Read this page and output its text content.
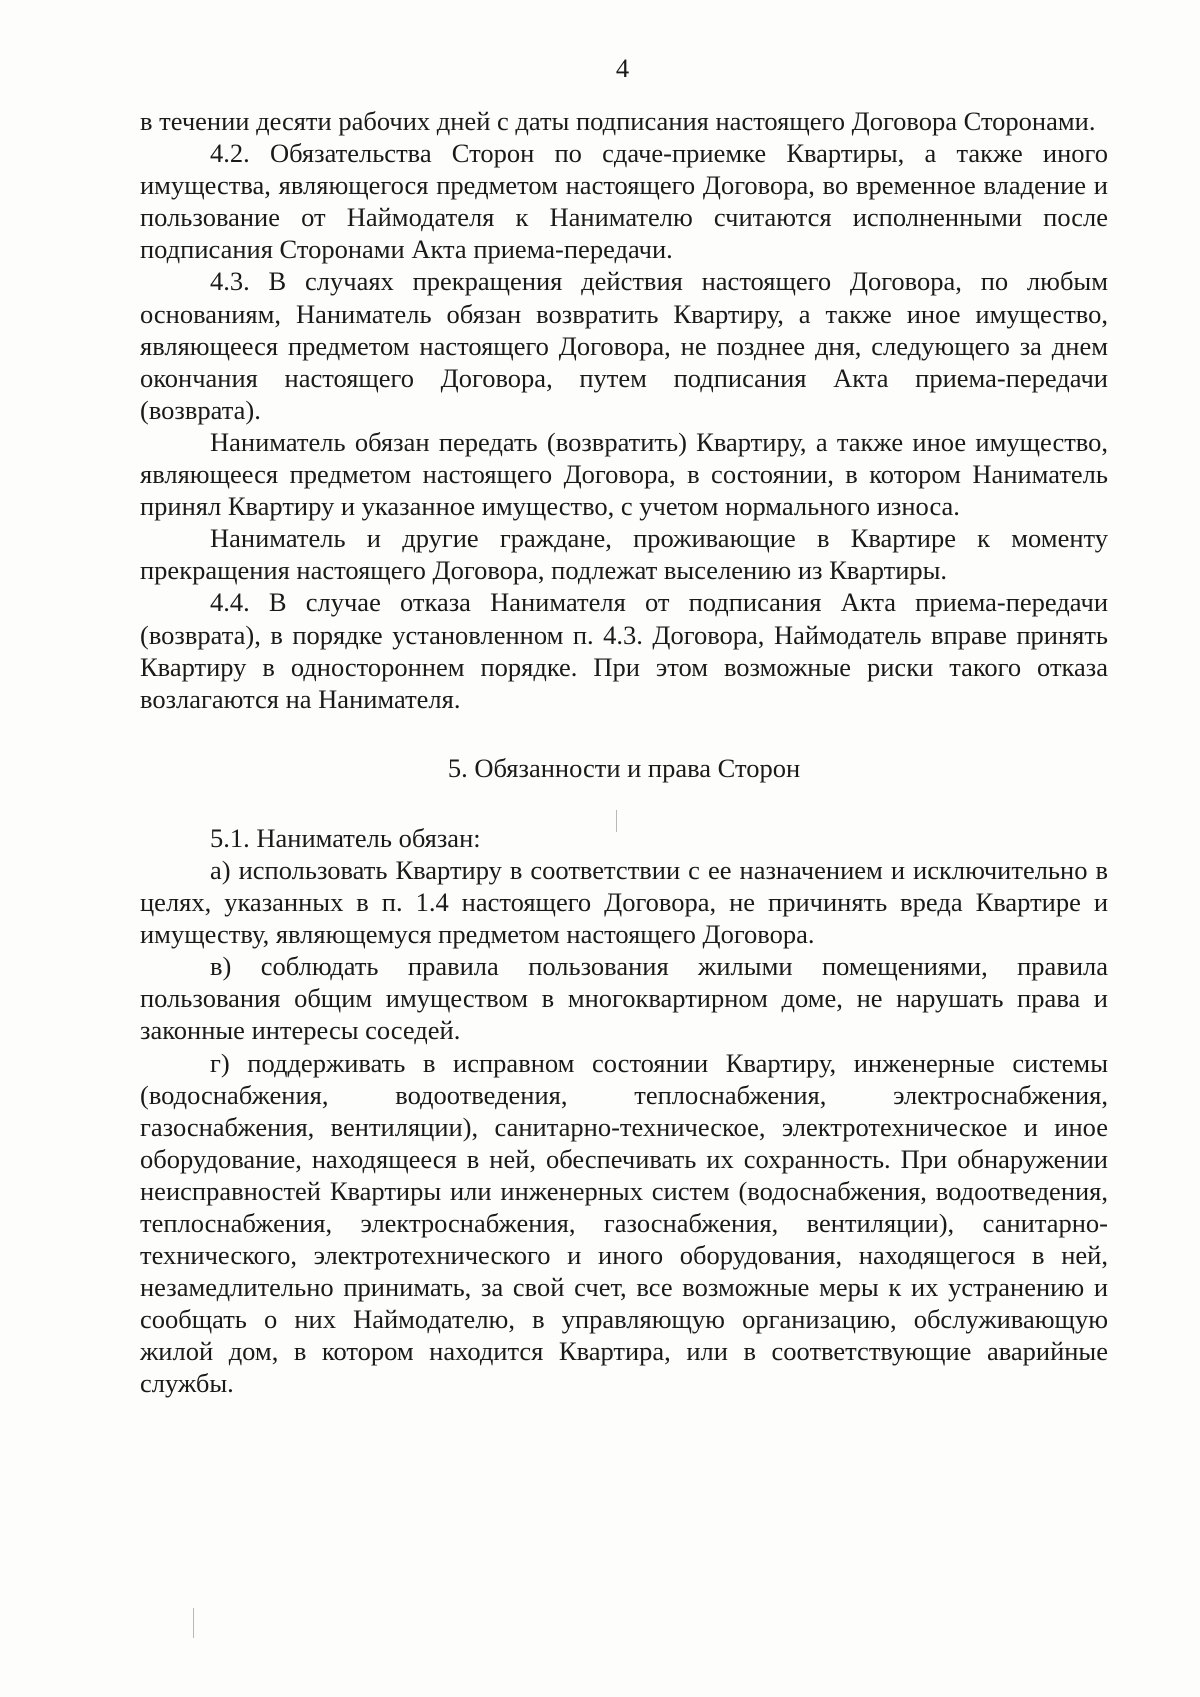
4

в течении десяти рабочих дней с даты подписания настоящего Договора Сторонами.

4.2. Обязательства Сторон по сдаче-приемке Квартиры, а также иного имущества, являющегося предметом настоящего Договора, во временное владение и пользование от Наймодателя к Нанимателю считаются исполненными после подписания Сторонами Акта приема-передачи.

4.3. В случаях прекращения действия настоящего Договора, по любым основаниям, Наниматель обязан возвратить Квартиру, а также иное имущество, являющееся предметом настоящего Договора, не позднее дня, следующего за днем окончания настоящего Договора, путем подписания Акта приема-передачи (возврата).

Наниматель обязан передать (возвратить) Квартиру, а также иное имущество, являющееся предметом настоящего Договора, в состоянии, в котором Наниматель принял Квартиру и указанное имущество, с учетом нормального износа.

Наниматель и другие граждане, проживающие в Квартире к моменту прекращения настоящего Договора, подлежат выселению из Квартиры.

4.4. В случае отказа Нанимателя от подписания Акта приема-передачи (возврата), в порядке установленном п. 4.3. Договора, Наймодатель вправе принять Квартиру в одностороннем порядке. При этом возможные риски такого отказа возлагаются на Нанимателя.

5. Обязанности и права Сторон

5.1. Наниматель обязан:

а) использовать Квартиру в соответствии с ее назначением и исключительно в целях, указанных в п. 1.4 настоящего Договора, не причинять вреда Квартире и имуществу, являющемуся предметом настоящего Договора.

в) соблюдать правила пользования жилыми помещениями, правила пользования общим имуществом в многоквартирном доме, не нарушать права и законные интересы соседей.

г) поддерживать в исправном состоянии Квартиру, инженерные системы (водоснабжения, водоотведения, теплоснабжения, электроснабжения, газоснабжения, вентиляции), санитарно-техническое, электротехническое и иное оборудование, находящееся в ней, обеспечивать их сохранность. При обнаружении неисправностей Квартиры или инженерных систем (водоснабжения, водоотведения, теплоснабжения, электроснабжения, газоснабжения, вентиляции), санитарно-технического, электротехнического и иного оборудования, находящегося в ней, незамедлительно принимать, за свой счет, все возможные меры к их устранению и сообщать о них Наймодателю, в управляющую организацию, обслуживающую жилой дом, в котором находится Квартира, или в соответствующие аварийные службы.
